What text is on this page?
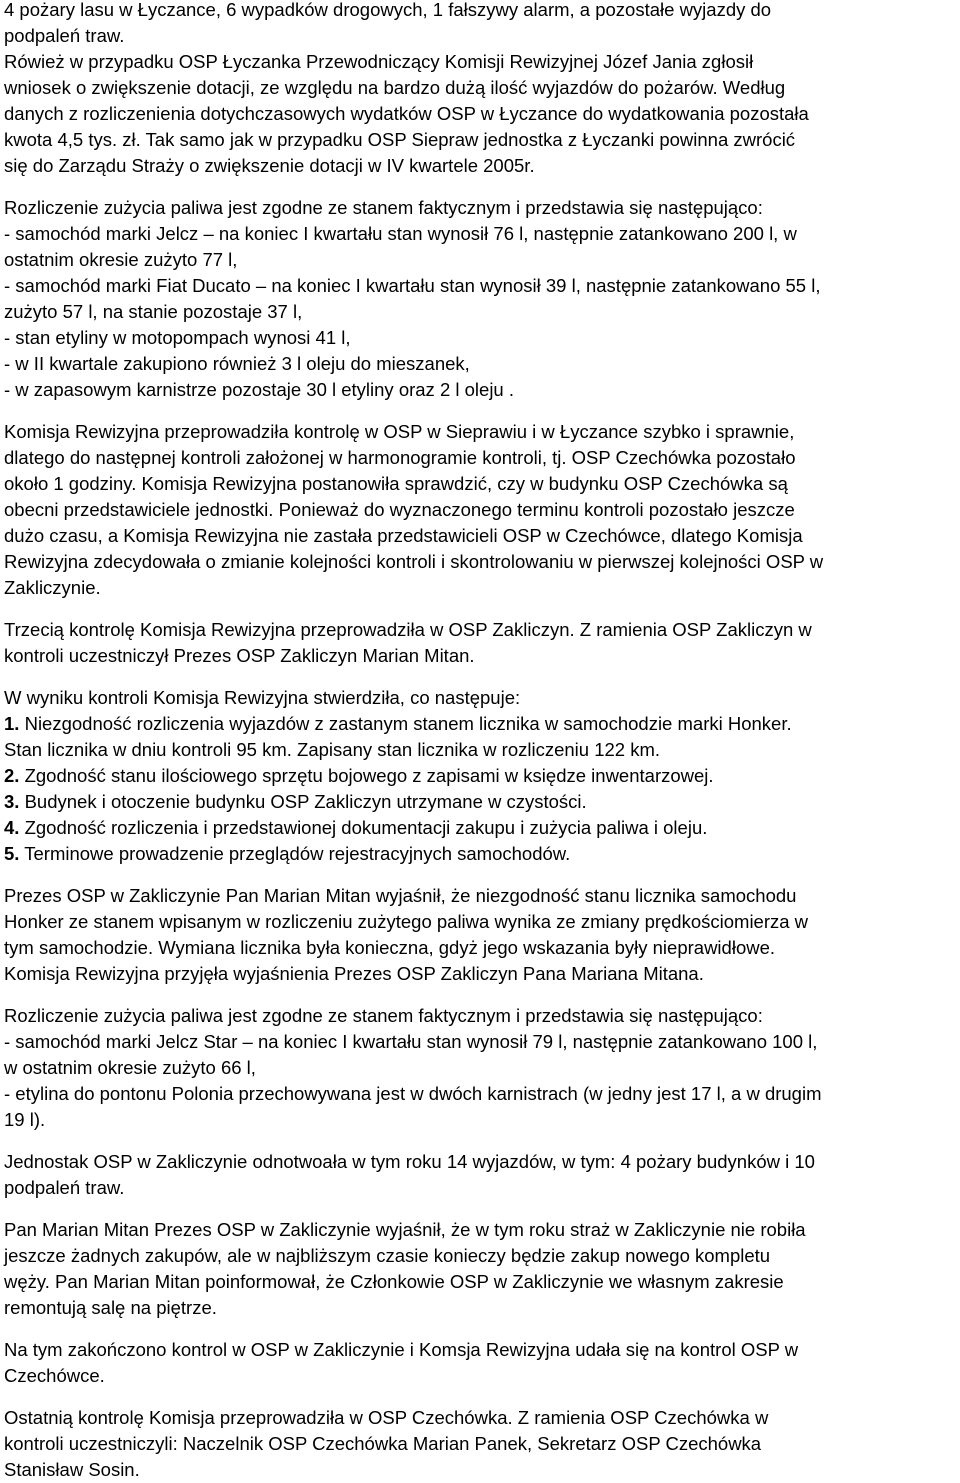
4 pożary lasu w Łyczance, 6 wypadków drogowych, 1 fałszywy alarm, a pozostałe wyjazdy do
podpaleń traw.
Rówież w przypadku OSP Łyczanka Przewodniczący Komisji Rewizyjnej Józef Jania zgłosił
wniosek o zwiększenie dotacji, ze względu na bardzo dużą ilość wyjazdów do pożarów. Według
danych z rozliczenienia dotychczasowych wydatków OSP w Łyczance do wydatkowania pozostała
kwota 4,5 tys. zł. Tak samo jak w przypadku OSP Siepraw jednostka z Łyczanki powinna zwrócić
się do Zarządu Straży o zwiększenie dotacji w IV kwartele 2005r.
Rozliczenie zużycia paliwa jest zgodne ze stanem faktycznym i przedstawia się następująco:
- samochód marki Jelcz – na koniec I kwartału stan wynosił 76 l, następnie zatankowano 200 l, w
ostatnim okresie zużyto 77 l,
- samochód marki Fiat Ducato – na koniec I kwartału stan wynosił 39 l, następnie zatankowano 55 l,
zużyto 57 l, na stanie pozostaje 37 l,
- stan etyliny w motopompach wynosi 41 l,
- w II kwartale zakupiono również 3 l oleju do mieszanek,
- w zapasowym karnistrze pozostaje 30 l etyliny oraz 2 l oleju .
Komisja Rewizyjna przeprowadziła kontrolę w OSP w Sieprawiu i w Łyczance szybko i sprawnie,
dlatego do następnej kontroli założonej w harmonogramie kontroli, tj. OSP Czechówka pozostało
około 1 godziny. Komisja Rewizyjna postanowiła sprawdzić, czy w budynku OSP Czechówka są
obecni przedstawiciele jednostki. Ponieważ do wyznaczonego terminu kontroli pozostało jeszcze
dużo czasu, a Komisja Rewizyjna nie zastała przedstawicieli OSP w Czechówce, dlatego Komisja
Rewizyjna zdecydowała o zmianie kolejności kontroli i skontrolowaniu w pierwszej kolejności OSP w
Zakliczynie.
Trzecią kontrolę Komisja Rewizyjna przeprowadziła w OSP Zakliczyn. Z ramienia OSP Zakliczyn w
kontroli uczestniczył Prezes OSP Zakliczyn Marian Mitan.
W wyniku kontroli Komisja Rewizyjna stwierdziła, co następuje:
1. Niezgodność rozliczenia wyjazdów z zastanym stanem licznika w samochodzie marki Honker.
Stan licznika w dniu kontroli 95 km. Zapisany stan licznika w rozliczeniu 122 km.
2. Zgodność stanu ilościowego sprzętu bojowego z zapisami w księdze inwentarzowej.
3. Budynek i otoczenie budynku OSP Zakliczyn utrzymane w czystości.
4. Zgodność rozliczenia i przedstawionej dokumentacji zakupu i zużycia paliwa i oleju.
5. Terminowe prowadzenie przeglądów rejestracyjnych samochodów.
Prezes OSP w Zakliczynie Pan Marian Mitan wyjaśnił, że niezgodność stanu licznika samochodu
Honker ze stanem wpisanym w rozliczeniu zużytego paliwa wynika ze zmiany prędkościomierza w
tym samochodzie. Wymiana licznika była konieczna, gdyż jego wskazania były nieprawidłowe.
Komisja Rewizyjna przyjęła wyjaśnienia Prezes OSP Zakliczyn Pana Mariana Mitana.
Rozliczenie zużycia paliwa jest zgodne ze stanem faktycznym i przedstawia się następująco:
- samochód marki Jelcz Star – na koniec I kwartału stan wynosił 79 l, następnie zatankowano 100 l,
w ostatnim okresie zużyto 66 l,
- etylina do pontonu Polonia przechowywana jest w dwóch karnistrach (w jedny jest 17 l, a w drugim
19 l).
Jednostak OSP w Zakliczynie odnotwoała w tym roku 14 wyjazdów, w tym: 4 pożary budynków i 10
podpaleń traw.
Pan Marian Mitan Prezes OSP w Zakliczynie wyjaśnił, że w tym roku straż w Zakliczynie nie robiła
jeszcze żadnych zakupów, ale w najbliższym czasie konieczy będzie zakup nowego kompletu
węży. Pan Marian Mitan poinformował, że Członkowie OSP w Zakliczynie we własnym zakresie
remontują salę na piętrze.
Na tym zakończono kontrol w OSP w Zakliczynie i Komsja Rewizyjna udała się na kontrol OSP w
Czechówce.
Ostatnią kontrolę Komisja przeprowadziła w OSP Czechówka. Z ramienia OSP Czechówka w
kontroli uczestniczyli: Naczelnik OSP Czechówka Marian Panek, Sekretarz OSP Czechówka
Stanisław Sosin.
